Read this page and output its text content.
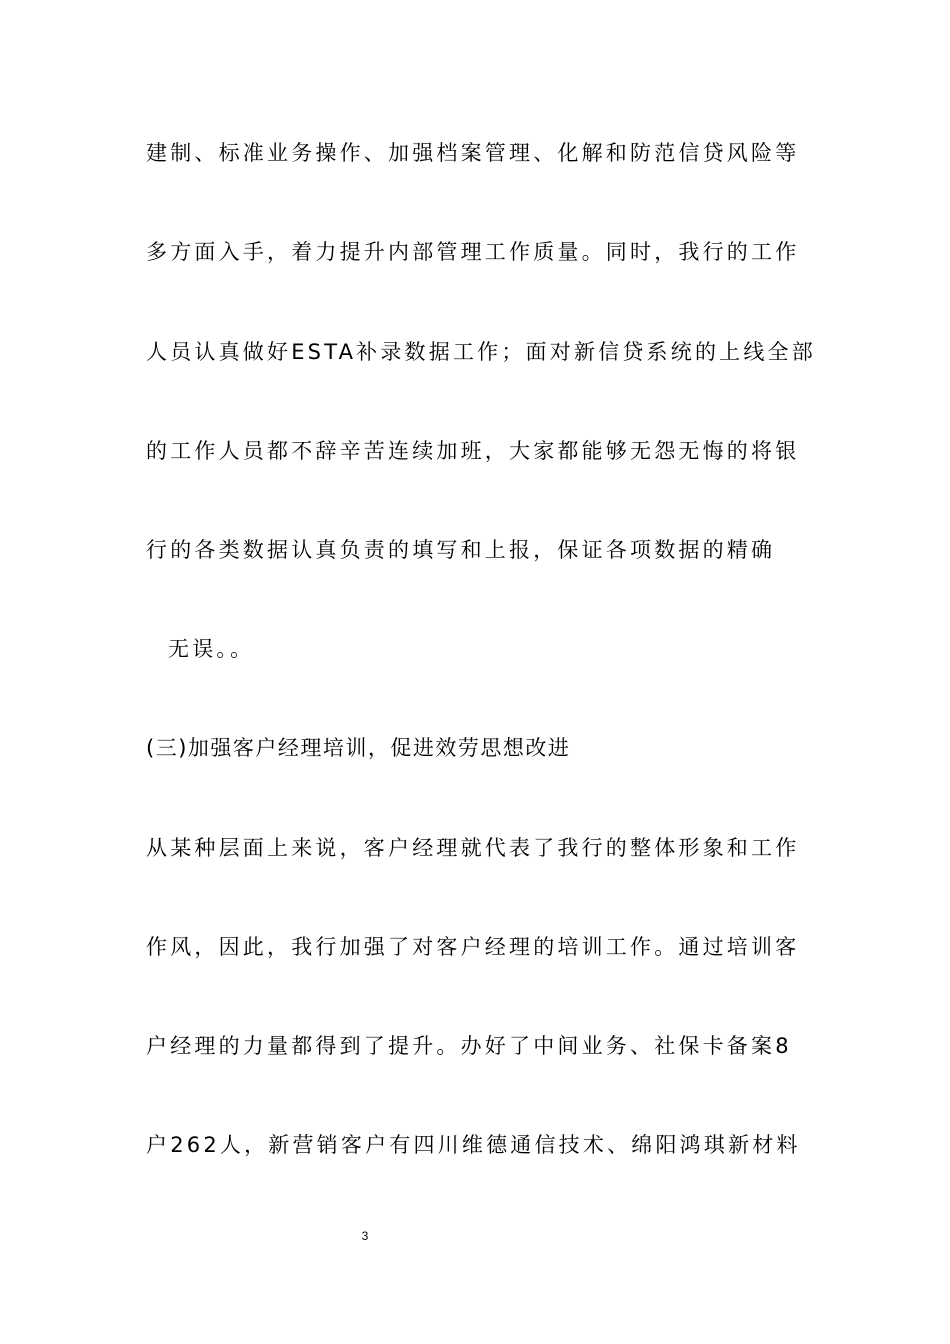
建制、标准业务操作、加强档案管理、化解和防范信贷风险等
多方面入手，着力提升内部管理工作质量。同时，我行的工作
人员认真做好ESTA补录数据工作；面对新信贷系统的上线全部
的工作人员都不辞辛苦连续加班，大家都能够无怨无悔的将银
行的各类数据认真负责的填写和上报，保证各项数据的精确
无误。。
(三)加强客户经理培训，促进效劳思想改进
从某种层面上来说，客户经理就代表了我行的整体形象和工作
作风，因此，我行加强了对客户经理的培训工作。通过培训客
户经理的力量都得到了提升。办好了中间业务、社保卡备案8
户262人，新营销客户有四川维德通信技术、绵阳鸿琪新材料
3
